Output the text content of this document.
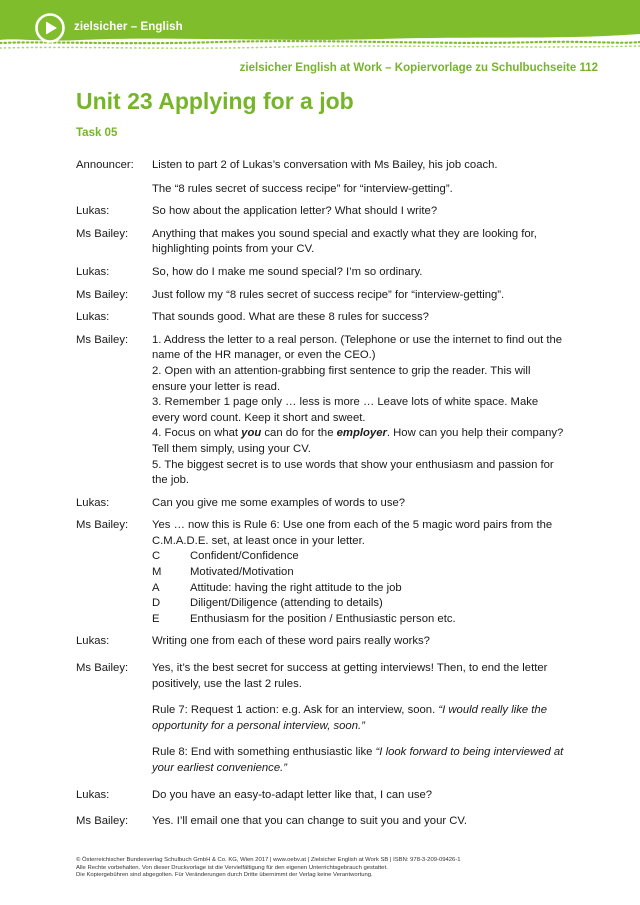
zielsicher – English
zielsicher English at Work – Kopiervorlage zu Schulbuchseite 112
Unit 23 Applying for a job
Task 05
Announcer:	Listen to part 2 of Lukas’s conversation with Ms Bailey, his job coach.

The “8 rules secret of success recipe” for “interview-getting”.

Lukas:	So how about the application letter? What should I write?
Ms Bailey:	Anything that makes you sound special and exactly what they are looking for, highlighting points from your CV.
Lukas:	So, how do I make me sound special? I’m so ordinary.
Ms Bailey:	Just follow my “8 rules secret of success recipe” for “interview-getting”.
Lukas:	That sounds good. What are these 8 rules for success?
Ms Bailey:	1. Address the letter to a real person. (Telephone or use the internet to find out the name of the HR manager, or even the CEO.)
2. Open with an attention-grabbing first sentence to grip the reader. This will ensure your letter is read.
3. Remember 1 page only … less is more … Leave lots of white space. Make every word count. Keep it short and sweet.
4. Focus on what you can do for the employer. How can you help their company? Tell them simply, using your CV.
5. The biggest secret is to use words that show your enthusiasm and passion for the job.
Lukas:	Can you give me some examples of words to use?
Ms Bailey:	Yes … now this is Rule 6: Use one from each of the 5 magic word pairs from the C.M.A.D.E. set, at least once in your letter.
C	Confident/Confidence
M	Motivated/Motivation
A	Attitude: having the right attitude to the job
D	Diligent/Diligence (attending to details)
E	Enthusiasm for the position / Enthusiastic person etc.
Lukas:	Writing one from each of these word pairs really works?
Ms Bailey:	Yes, it’s the best secret for success at getting interviews! Then, to end the letter positively, use the last 2 rules.

Rule 7: Request 1 action: e.g. Ask for an interview, soon. “I would really like the opportunity for a personal interview, soon.”

Rule 8: End with something enthusiastic like “I look forward to being interviewed at your earliest convenience.”

Lukas:	Do you have an easy-to-adapt letter like that, I can use?
Ms Bailey:	Yes. I’ll email one that you can change to suit you and your CV.
© Österreichischer Bundesverlag Schulbuch GmbH & Co. KG, Wien 2017 | www.oebv.at | Zielsicher English at Work SB | ISBN: 978-3-209-09426-1
Alle Rechte vorbehalten. Von dieser Druckvorlage ist die Vervielfältigung für den eigenen Unterrichtsgebrauch gestattet.
Die Kopiergebühren sind abgegolten. Für Veränderungen durch Dritte übernimmt der Verlag keine Verantwortung.
